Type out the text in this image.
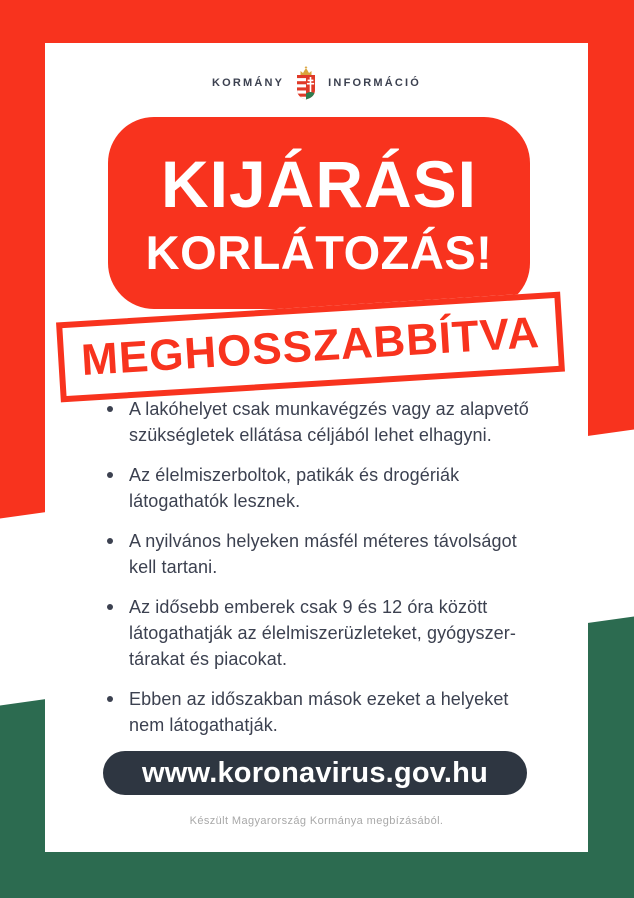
KORMÁNY	INFORMÁCIÓ
KIJÁRÁSI
KORLÁTOZÁS!
MEGHOSSZABBÍTVA
A lakóhelyet csak munkavégzés vagy az alapvető
szükségletek ellátása céljából lehet elhagyni.
Az élelmiszerboltok, patikák és drogériák
látogathatók lesznek.
A nyilvános helyeken másfél méteres távolságot
kell tartani.
Az idősebb emberek csak 9 és 12 óra között
látogathatják az élelmiszerüzleteket, gyógyszer-
tárakat és piacokat.
Ebben az időszakban mások ezeket a helyeket
nem látogathatják.
www.koronavirus.gov.hu
Készült Magyarország Kormánya megbízásából.
